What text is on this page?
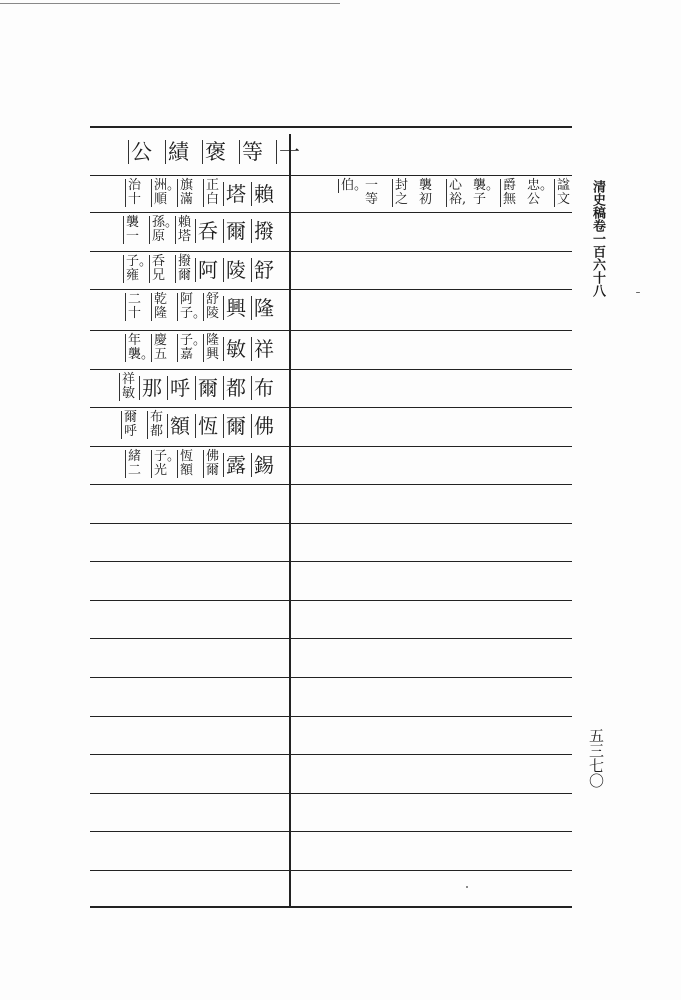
清史稿卷一百六十八
五三七〇
一
等
褒
績
公
賴
塔
正
白
旗
滿
洲。
順
治
十
撥
爾
呑
賴
塔
孫。
原
襲
一
舒
陵
阿
撥
爾
呑
兄
子。
雍
隆
興
舒
陵
阿
子。
乾
隆
二
十
祥
敏
隆
興
子。
嘉
慶
五
年
襲。
布
都
爾
呼
那
祥
敏
佛
爾
恆
額
布
都
爾
呼
錫
露
佛
爾
恆
額
子。
光
緒
二
諡
文
忠。
公
爵
無
襲。
子
心
裕,
襲
初
封
之
一
等
伯。
